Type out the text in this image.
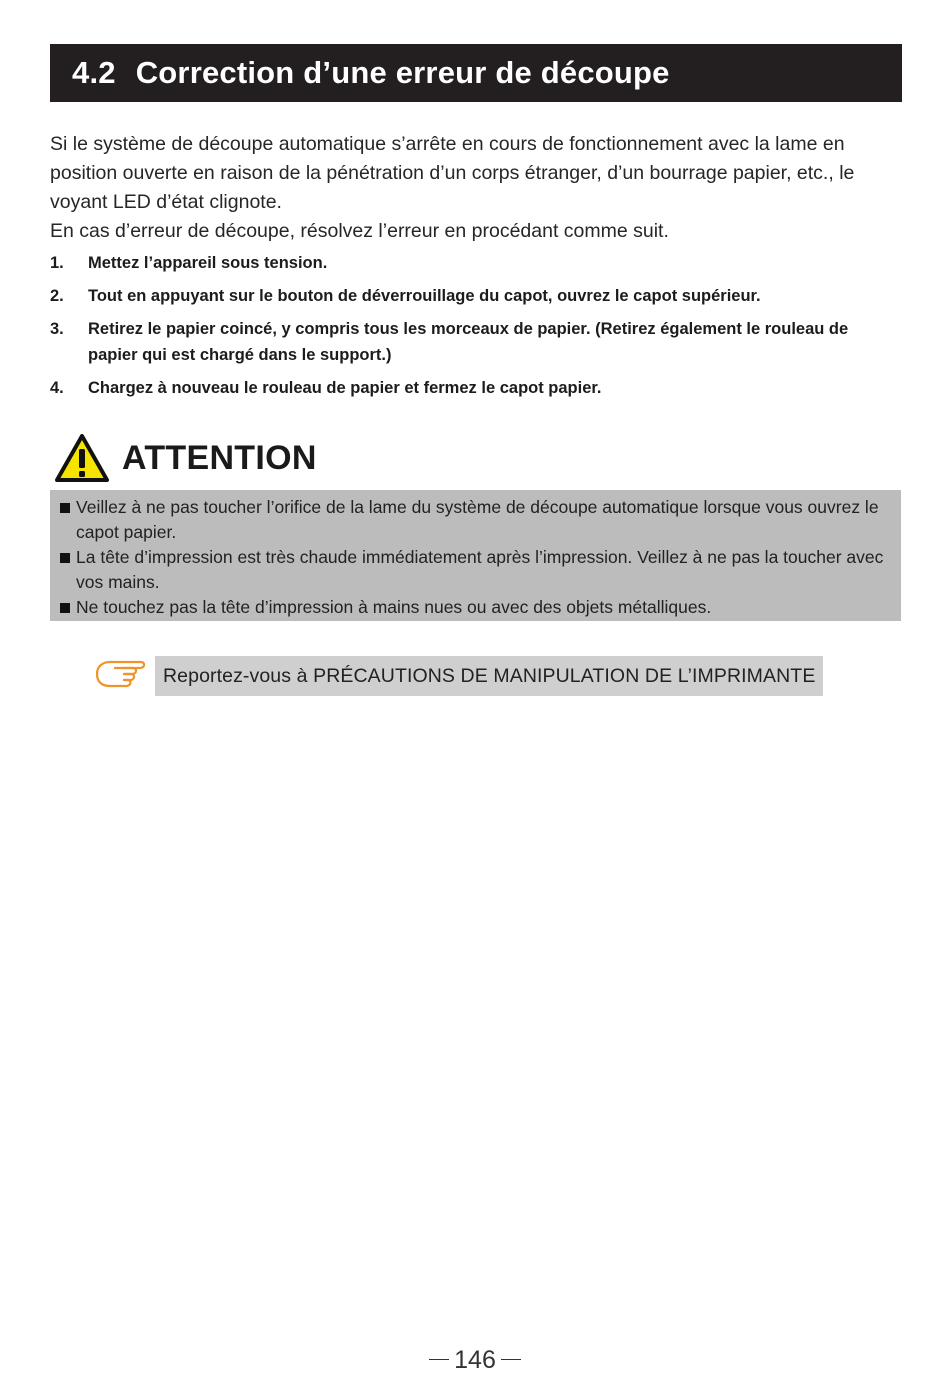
4.2 Correction d’une erreur de découpe

Si le système de découpe automatique s’arrête en cours de fonctionnement avec la lame en position ouverte en raison de la pénétration d’un corps étranger, d’un bourrage papier, etc., le voyant LED d’état clignote.

En cas d’erreur de découpe, résolvez l’erreur en procédant comme suit.

1.	Mettez l’appareil sous tension.
2.	Tout en appuyant sur le bouton de déverrouillage du capot, ouvrez le capot supérieur.
3.	Retirez le papier coincé, y compris tous les morceaux de papier. (Retirez également le rouleau de papier qui est chargé dans le support.)
4.	Chargez à nouveau le rouleau de papier et fermez le capot papier.
ATTENTION
Veillez à ne pas toucher l’orifice de la lame du système de découpe automatique lorsque vous ouvrez le capot papier.
La tête d’impression est très chaude immédiatement après l’impression. Veillez à ne pas la toucher avec vos mains.
Ne touchez pas la tête d’impression à mains nues ou avec des objets métalliques.
Reportez-vous à PRÉCAUTIONS DE MANIPULATION DE L’IMPRIMANTE
146
